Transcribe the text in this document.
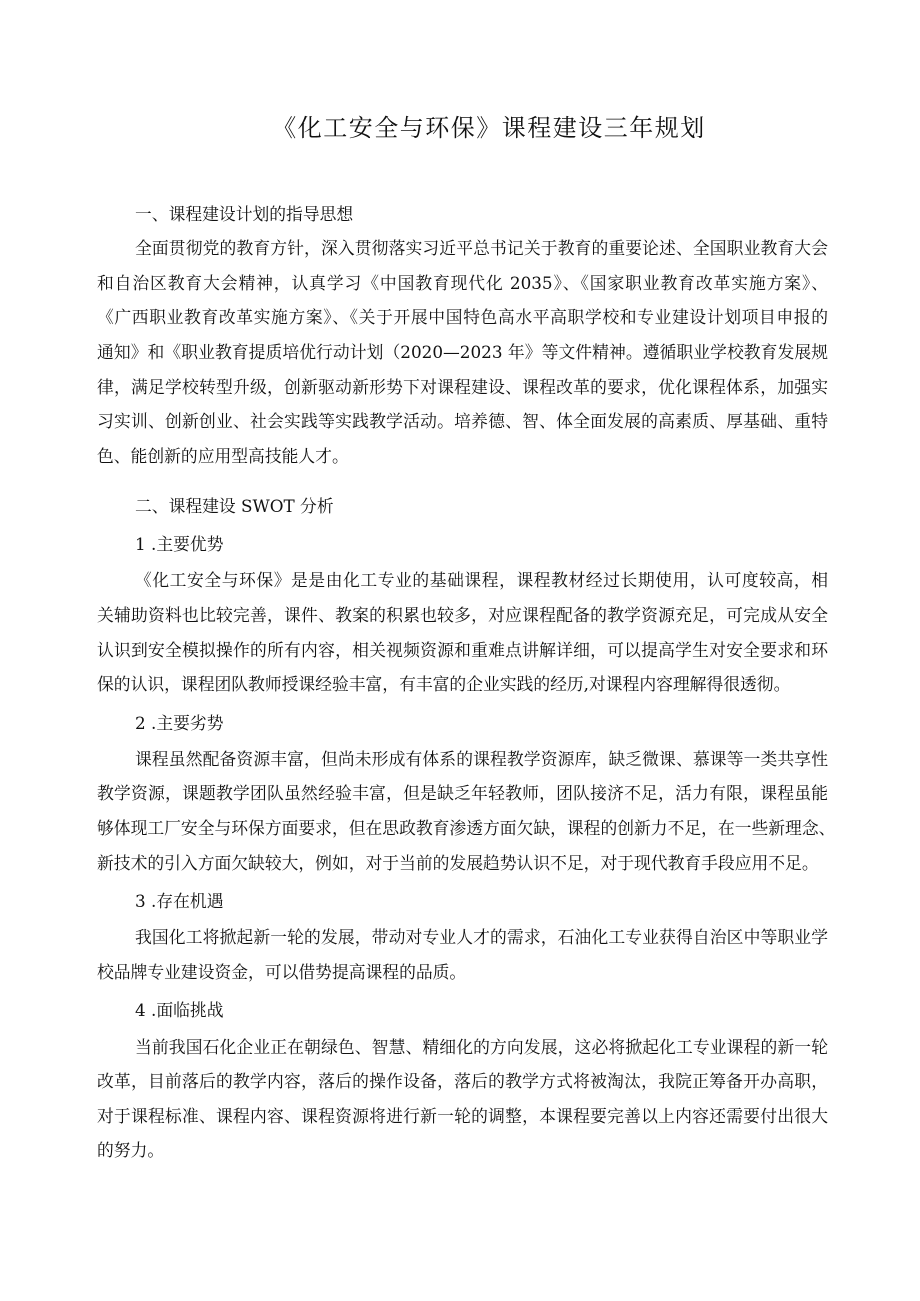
《化工安全与环保》课程建设三年规划
一、课程建设计划的指导思想
全面贯彻党的教育方针，深入贯彻落实习近平总书记关于教育的重要论述、全国职业教育大会
和自治区教育大会精神，认真学习《中国教育现代化 2035》、《国家职业教育改革实施方案》、
《广西职业教育改革实施方案》、《关于开展中国特色高水平高职学校和专业建设计划项目申报的
通知》和《职业教育提质培优行动计划（2020—2023 年》等文件精神。遵循职业学校教育发展规
律，满足学校转型升级，创新驱动新形势下对课程建设、课程改革的要求，优化课程体系，加强实
习实训、创新创业、社会实践等实践教学活动。培养德、智、体全面发展的高素质、厚基础、重特
色、能创新的应用型高技能人才。
二、课程建设 SWOT 分析
1 .主要优势
《化工安全与环保》是是由化工专业的基础课程，课程教材经过长期使用，认可度较高，相
关辅助资料也比较完善，课件、教案的积累也较多，对应课程配备的教学资源充足，可完成从安全
认识到安全模拟操作的所有内容，相关视频资源和重难点讲解详细，可以提高学生对安全要求和环
保的认识，课程团队教师授课经验丰富，有丰富的企业实践的经历,对课程内容理解得很透彻。
2 .主要劣势
课程虽然配备资源丰富，但尚未形成有体系的课程教学资源库，缺乏微课、慕课等一类共享性
教学资源，课题教学团队虽然经验丰富，但是缺乏年轻教师，团队接济不足，活力有限，课程虽能
够体现工厂安全与环保方面要求，但在思政教育渗透方面欠缺，课程的创新力不足，在一些新理念、
新技术的引入方面欠缺较大，例如，对于当前的发展趋势认识不足，对于现代教育手段应用不足。
3 .存在机遇
我国化工将掀起新一轮的发展，带动对专业人才的需求，石油化工专业获得自治区中等职业学
校品牌专业建设资金，可以借势提高课程的品质。
4 .面临挑战
当前我国石化企业正在朝绿色、智慧、精细化的方向发展，这必将掀起化工专业课程的新一轮
改革，目前落后的教学内容，落后的操作设备，落后的教学方式将被淘汰，我院正筹备开办高职，
对于课程标准、课程内容、课程资源将进行新一轮的调整，本课程要完善以上内容还需要付出很大
的努力。
